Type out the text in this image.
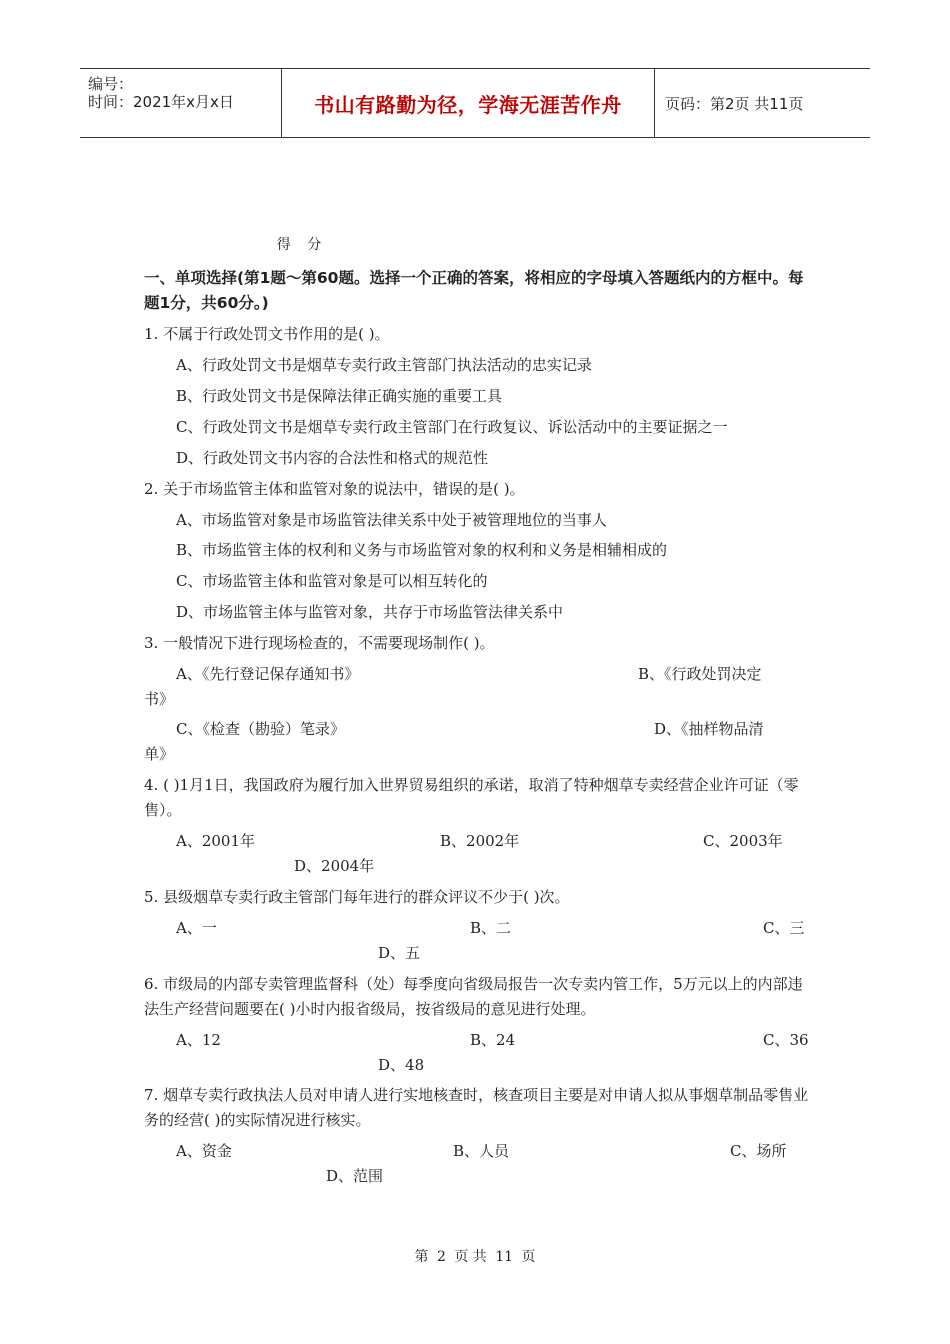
编号：
时间：2021年x月x日	书山有路勤为径，学海无涯苦作舟	页码：第2页 共11页
得 分
一、单项选择(第1题～第60题。选择一个正确的答案，将相应的字母填入答题纸内的方框中。每题1分，共60分。)
1. 不属于行政处罚文书作用的是( )。
A、行政处罚文书是烟草专卖行政主管部门执法活动的忠实记录
B、行政处罚文书是保障法律正确实施的重要工具
C、行政处罚文书是烟草专卖行政主管部门在行政复议、诉讼活动中的主要证据之一
D、行政处罚文书内容的合法性和格式的规范性
2. 关于市场监管主体和监管对象的说法中，错误的是( )。
A、市场监管对象是市场监管法律关系中处于被管理地位的当事人
B、市场监管主体的权利和义务与市场监管对象的权利和义务是相辅相成的
C、市场监管主体和监管对象是可以相互转化的
D、市场监管主体与监管对象，共存于市场监管法律关系中
3. 一般情况下进行现场检查的，不需要现场制作( )。
A、《先行登记保存通知书》	B、《行政处罚决定
书》
C、《检查（勘验）笔录》	D、《抽样物品清
单》
4. ( )1月1日，我国政府为履行加入世界贸易组织的承诺，取消了特种烟草专卖经营企业许可证（零售）。
A、2001年	B、2002年	C、2003年
D、2004年
5. 县级烟草专卖行政主管部门每年进行的群众评议不少于( )次。
A、一	B、二	C、三
D、五
6. 市级局的内部专卖管理监督科（处）每季度向省级局报告一次专卖内管工作，5万元以上的内部违法生产经营问题要在( )小时内报省级局，按省级局的意见进行处理。
A、12	B、24	C、36
D、48
7. 烟草专卖行政执法人员对申请人进行实地核查时，核查项目主要是对申请人拟从事烟草制品零售业务的经营( )的实际情况进行核实。
A、资金	B、人员	C、场所
D、范围
第 2 页 共 11 页
